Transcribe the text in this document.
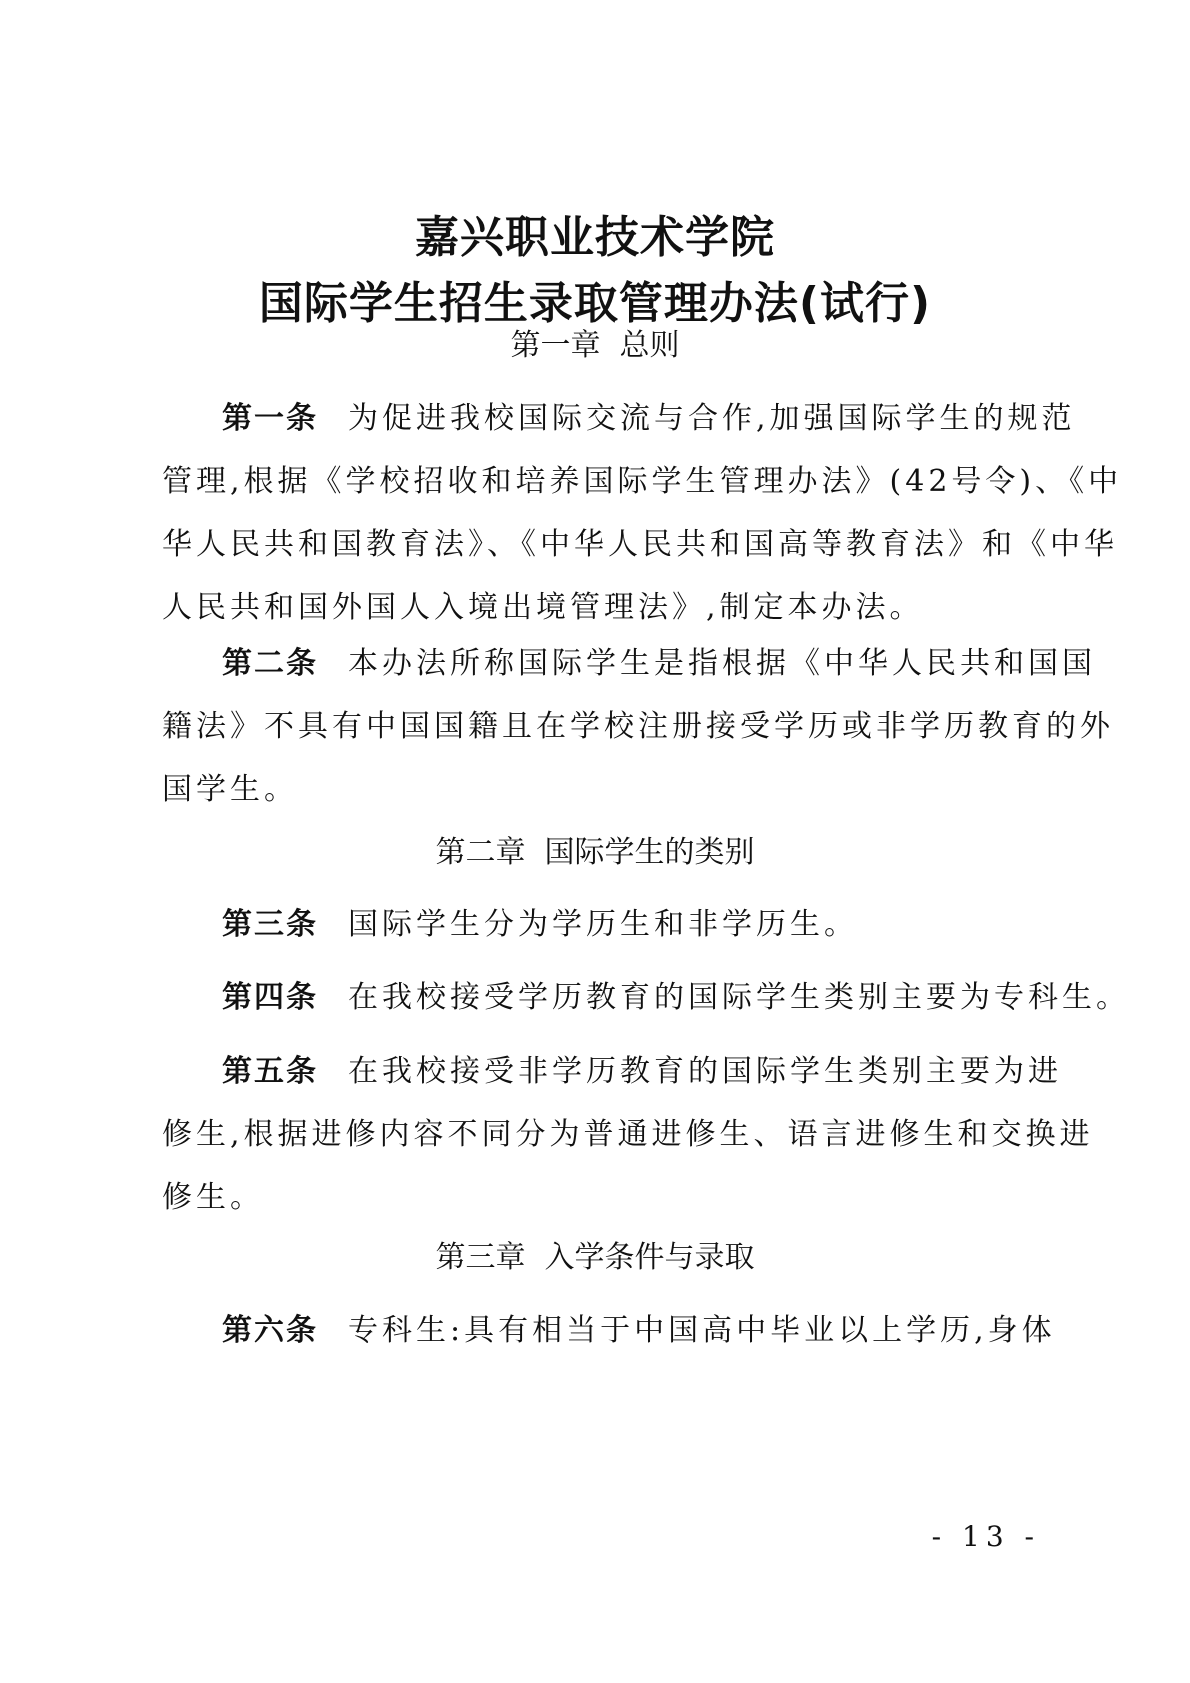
嘉兴职业技术学院
国际学生招生录取管理办法(试行)
第一章  总则
第一条 为促进我校国际交流与合作,加强国际学生的规范
管理,根据《学校招收和培养国际学生管理办法》(42号令)、《中
华人民共和国教育法》、《中华人民共和国高等教育法》和《中华
人民共和国外国人入境出境管理法》,制定本办法。
第二条 本办法所称国际学生是指根据《中华人民共和国国
籍法》不具有中国国籍且在学校注册接受学历或非学历教育的外
国学生。
第二章  国际学生的类别
第三条 国际学生分为学历生和非学历生。
第四条 在我校接受学历教育的国际学生类别主要为专科生。
第五条 在我校接受非学历教育的国际学生类别主要为进
修生,根据进修内容不同分为普通进修生、语言进修生和交换进
修生。
第三章  入学条件与录取
第六条 专科生:具有相当于中国高中毕业以上学历,身体
- 13 -
